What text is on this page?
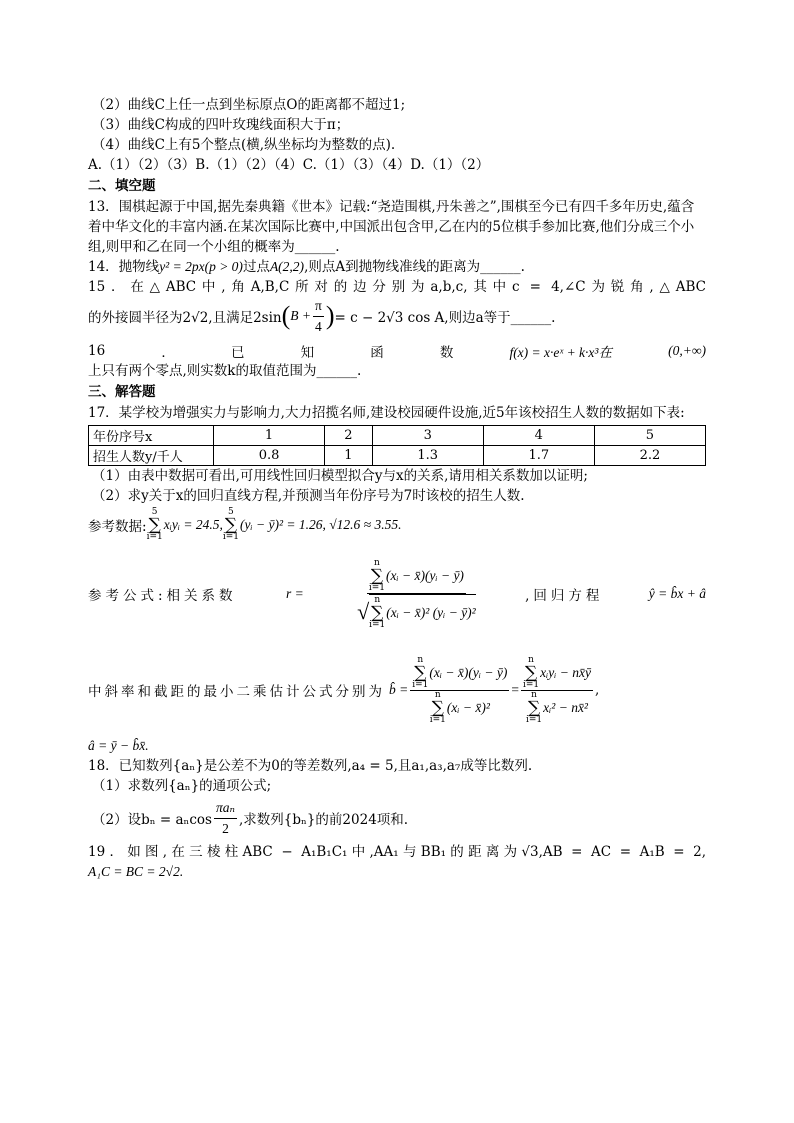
（2）曲线C上任一点到坐标原点O的距离都不超过1;
（3）曲线C构成的四叶玫瑰线面积大于π；
（4）曲线C上有5个整点(横,纵坐标均为整数的点).
A.（1）（2）（3）B.（1）（2）（4）C.（1）（3）（4）D.（1）（2）
二、填空题
13．围棋起源于中国,据先秦典籍《世本》记载:“尧造围棋,丹朱善之”,围棋至今已有四千多年历史,蕴含着中华文化的丰富内涵.在某次国际比赛中,中国派出包含甲,乙在内的5位棋手参加比赛,他们分成三个小组,则甲和乙在同一个小组的概率为______.
14．抛物线y² = 2px(p > 0)过点A(2,2),则点A到抛物线准线的距离为______.
15．在△ABC中,角A,B,C所对的边分别为a,b,c,其中c = 4,∠C为锐角,△ABC
的外接圆半径为2√2,且满足2sin ( $B + \frac{\pi}{4}$ ) = c − 2√3 cos A,则边a等于______.
16	．	已	知	函	数	f(x) = x·eˣ + k·x³在	(0,+∞)
上只有两个零点,则实数k的取值范围为______.
三、解答题
17．某学校为增强实力与影响力,大力招揽名师,建设校园硬件设施,近5年该校招生人数的数据如下表:
年份序号x	1	2	3	4	5
招生人数y/千人	0.8	1	1.3	1.7	2.2
（1）由表中数据可看出,可用线性回归模型拟合y与x的关系,请用相关系数加以证明;
（2）求y关于x的回归直线方程,并预测当年份序号为7时该校的招生人数.
参考数据:
5
∑
i=1
xᵢyᵢ = 24.5,
5
∑
i=1
(yᵢ − ȳ)² = 1.26, √12.6 ≈ 3.55.
参考公式:相关系数	r =	n
∑
i=1
(xᵢ − x̄)(yᵢ − ȳ)
√ n
∑
i=1
(xᵢ − x̄)² (yᵢ − ȳ)²	,回归方程	ŷ = b̂x + â
中斜率和截距的最小二乘估计公式分别为 b̂ = n
∑
i=1
(xᵢ − x̄)(yᵢ − ȳ)
n
∑
i=1
(xᵢ − x̄)² = n
∑
i=1
xᵢyᵢ − nx̄ȳ
n
∑
i=1
xᵢ² − nx̄² ,
â = ȳ − b̂x̄.
18．已知数列{aₙ}是公差不为0的等差数列,a₄ = 5,且a₁,a₃,a₇成等比数列.
（1）求数列{aₙ}的通项公式;
（2）设bₙ = aₙcos $\frac{\text{πaₙ}}{2}$ ,求数列{bₙ}的前2024项和.
19．如图,在三棱柱ABC − A₁B₁C₁中,AA₁与BB₁的距离为√3,AB = AC = A₁B = 2,
A₁C = BC = 2√2.
